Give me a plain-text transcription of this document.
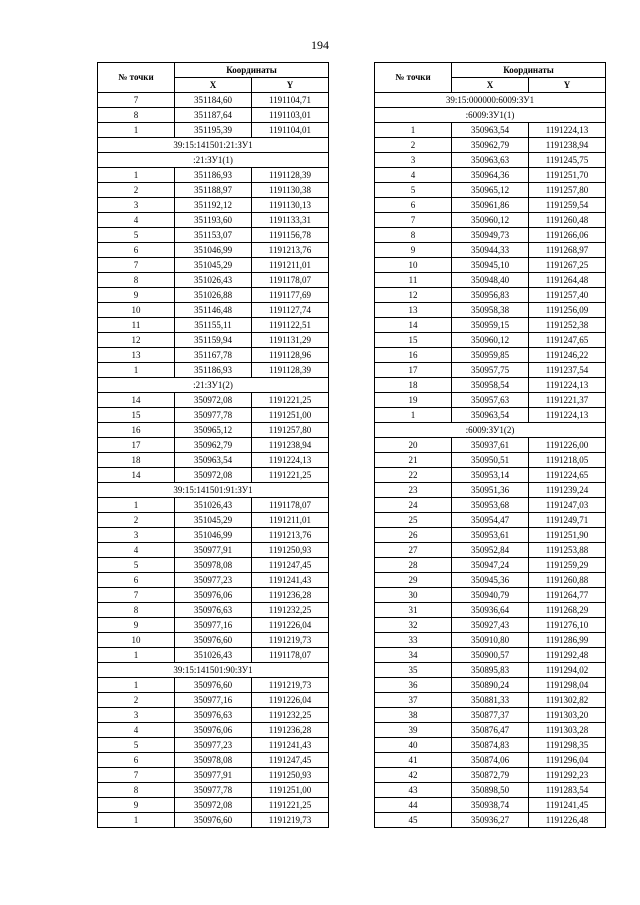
194
№ точки	Координаты	
	X	Y
7	351184,60	1191104,71
8	351187,64	1191103,01
1	351195,39	1191104,01
39:15:141501:21:ЗУ1		
:21:ЗУ1(1)		
1	351186,93	1191128,39
2	351188,97	1191130,38
3	351192,12	1191130,13
4	351193,60	1191133,31
5	351153,07	1191156,78
6	351046,99	1191213,76
7	351045,29	1191211,01
8	351026,43	1191178,07
9	351026,88	1191177,69
10	351146,48	1191127,74
11	351155,11	1191122,51
12	351159,94	1191131,29
13	351167,78	1191128,96
1	351186,93	1191128,39
:21:ЗУ1(2)		
14	350972,08	1191221,25
15	350977,78	1191251,00
16	350965,12	1191257,80
17	350962,79	1191238,94
18	350963,54	1191224,13
14	350972,08	1191221,25
39:15:141501:91:ЗУ1		
1	351026,43	1191178,07
2	351045,29	1191211,01
3	351046,99	1191213,76
4	350977,91	1191250,93
5	350978,08	1191247,45
6	350977,23	1191241,43
7	350976,06	1191236,28
8	350976,63	1191232,25
9	350977,16	1191226,04
10	350976,60	1191219,73
1	351026,43	1191178,07
39:15:141501:90:ЗУ1		
1	350976,60	1191219,73
2	350977,16	1191226,04
3	350976,63	1191232,25
4	350976,06	1191236,28
5	350977,23	1191241,43
6	350978,08	1191247,45
7	350977,91	1191250,93
8	350977,78	1191251,00
9	350972,08	1191221,25
1	350976,60	1191219,73
№ точки	Координаты	
	X	Y
39:15:000000:6009:ЗУ1		
:6009:ЗУ1(1)		
1	350963,54	1191224,13
2	350962,79	1191238,94
3	350963,63	1191245,75
4	350964,36	1191251,70
5	350965,12	1191257,80
6	350961,86	1191259,54
7	350960,12	1191260,48
8	350949,73	1191266,06
9	350944,33	1191268,97
10	350945,10	1191267,25
11	350948,40	1191264,48
12	350956,83	1191257,40
13	350958,38	1191256,09
14	350959,15	1191252,38
15	350960,12	1191247,65
16	350959,85	1191246,22
17	350957,75	1191237,54
18	350958,54	1191224,13
19	350957,63	1191221,37
1	350963,54	1191224,13
:6009:ЗУ1(2)		
20	350937,61	1191226,00
21	350950,51	1191218,05
22	350953,14	1191224,65
23	350951,36	1191239,24
24	350953,68	1191247,03
25	350954,47	1191249,71
26	350953,61	1191251,90
27	350952,84	1191253,88
28	350947,24	1191259,29
29	350945,36	1191260,88
30	350940,79	1191264,77
31	350936,64	1191268,29
32	350927,43	1191276,10
33	350910,80	1191286,99
34	350900,57	1191292,48
35	350895,83	1191294,02
36	350890,24	1191298,04
37	350881,33	1191302,82
38	350877,37	1191303,20
39	350876,47	1191303,28
40	350874,83	1191298,35
41	350874,06	1191296,04
42	350872,79	1191292,23
43	350898,50	1191283,54
44	350938,74	1191241,45
45	350936,27	1191226,48
